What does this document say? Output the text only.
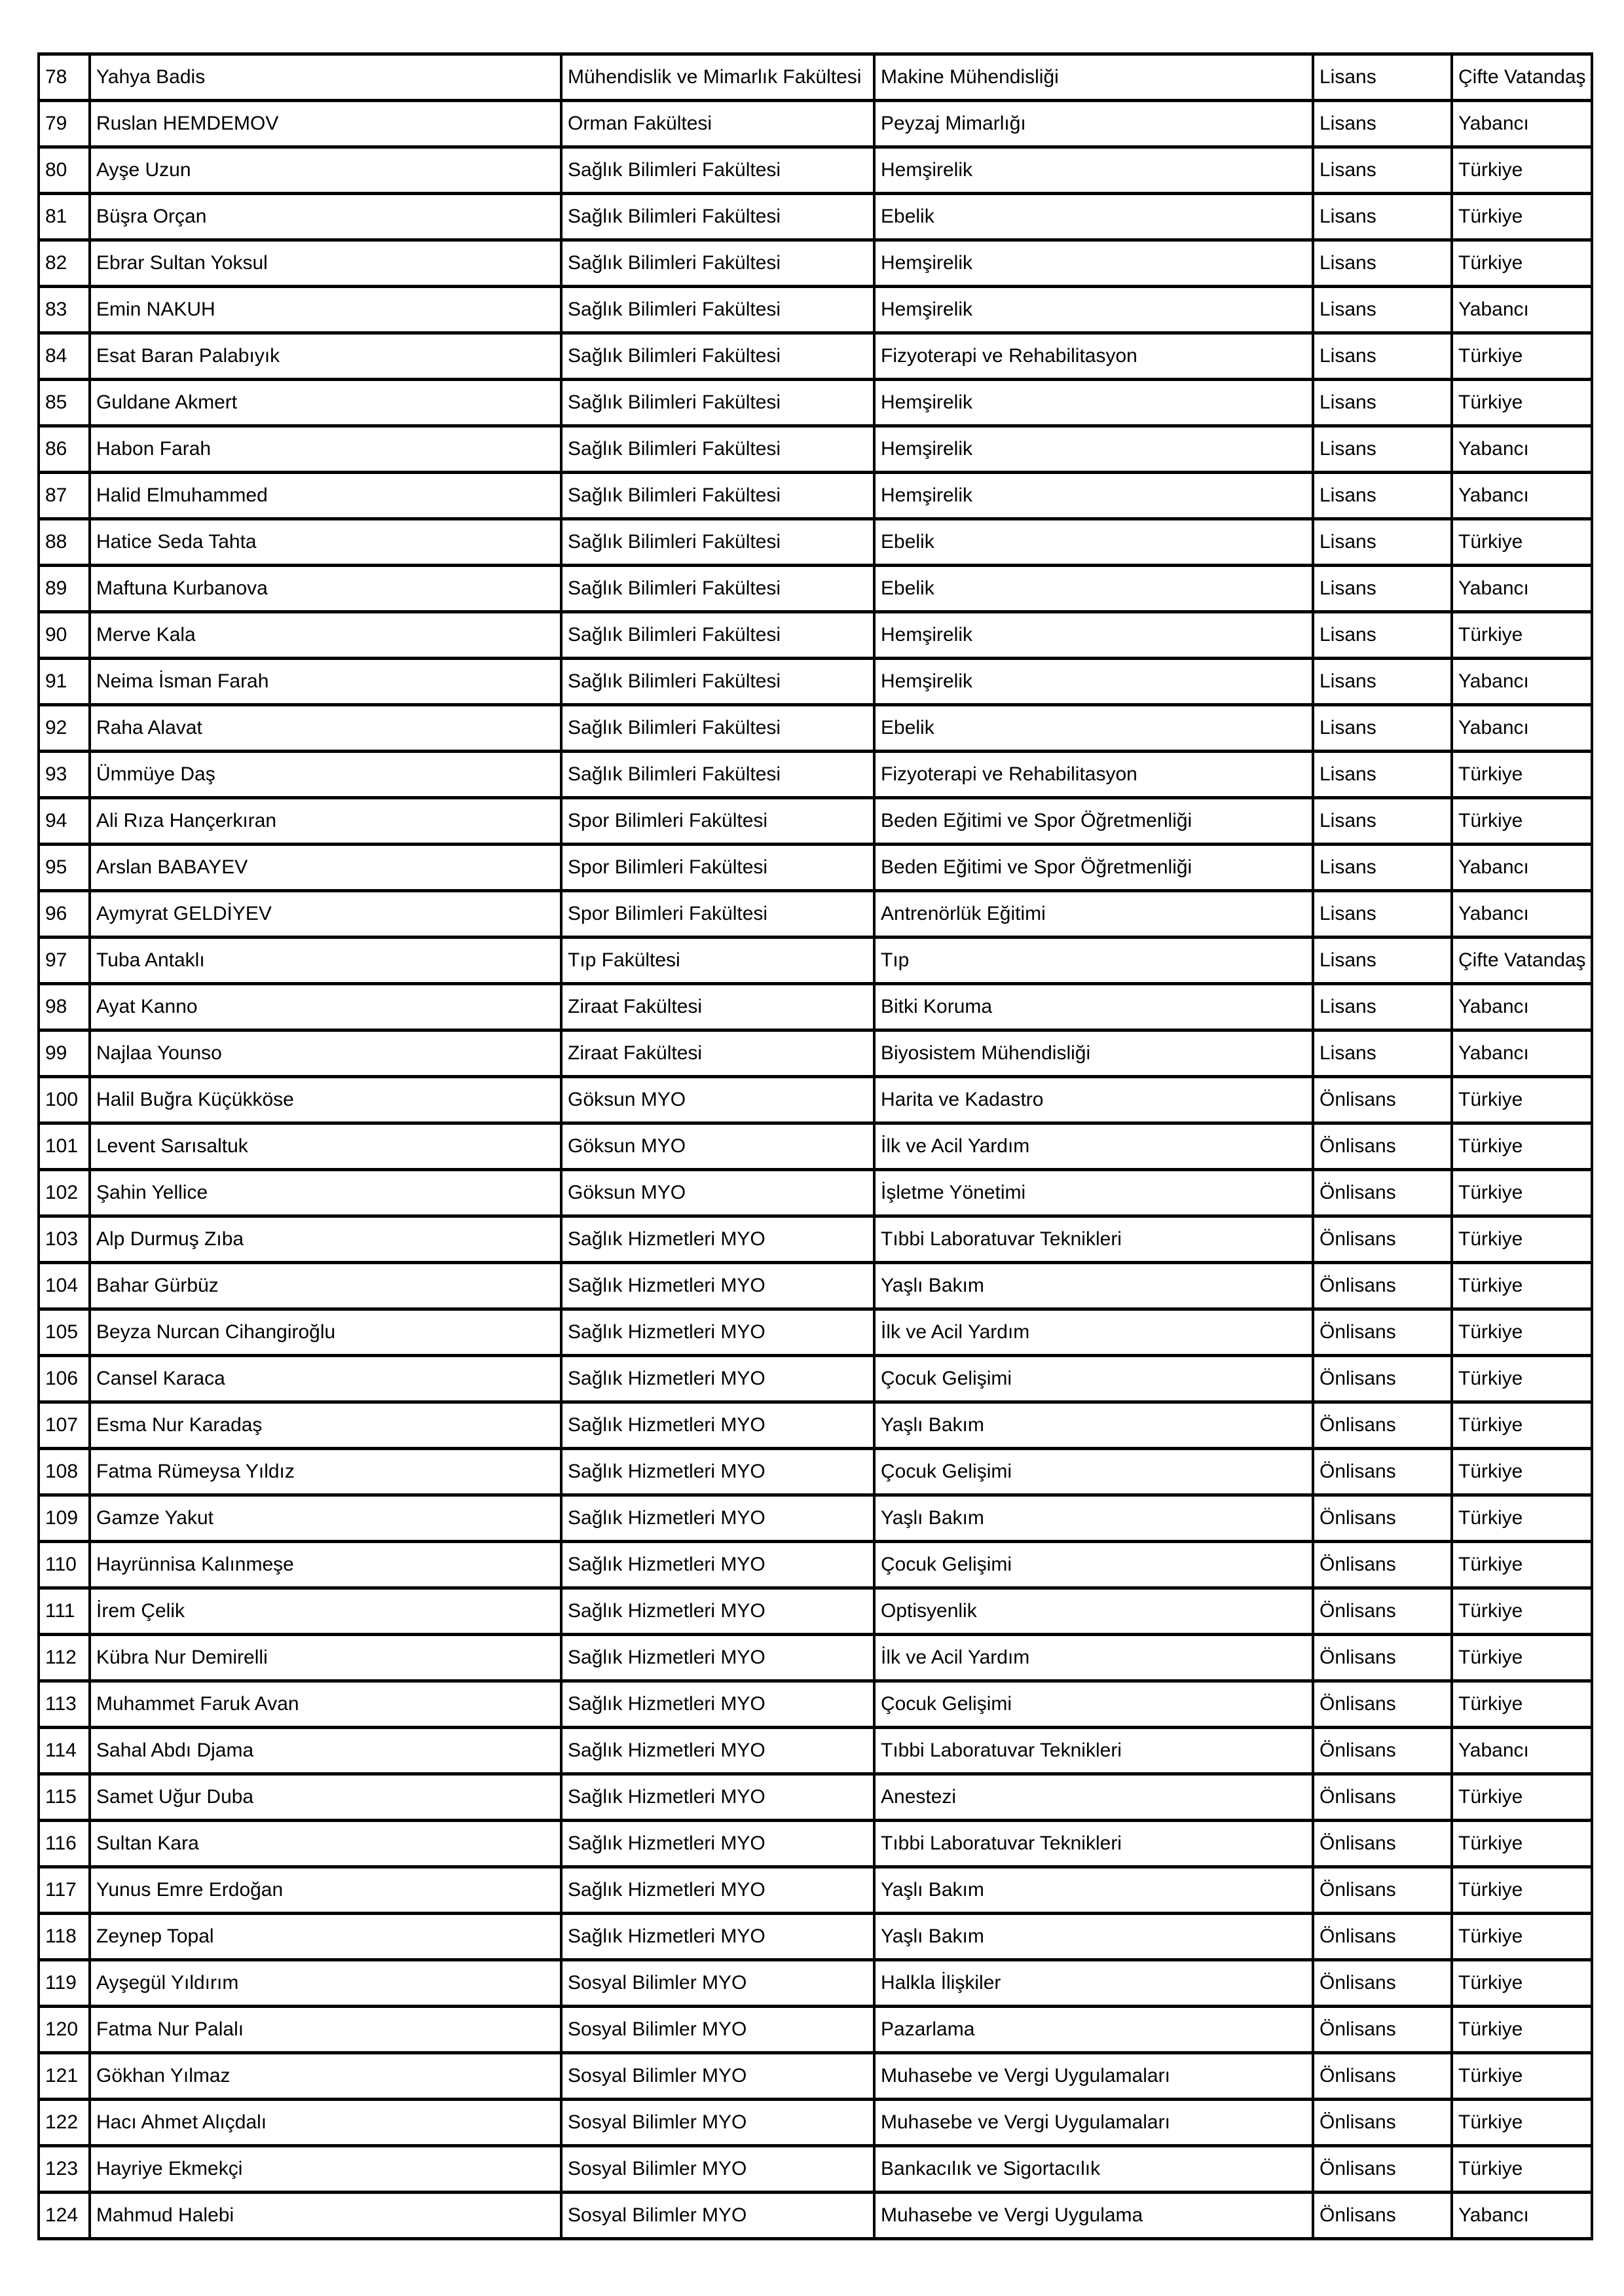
78	Yahya Badis	Mühendislik ve Mimarlık Fakültesi	Makine Mühendisliği	Lisans	Çifte Vatandaş
79	Ruslan HEMDEMOV	Orman Fakültesi	Peyzaj Mimarlığı	Lisans	Yabancı
80	Ayşe Uzun	Sağlık Bilimleri Fakültesi	Hemşirelik	Lisans	Türkiye
81	Büşra Orçan	Sağlık Bilimleri Fakültesi	Ebelik	Lisans	Türkiye
82	Ebrar Sultan Yoksul	Sağlık Bilimleri Fakültesi	Hemşirelik	Lisans	Türkiye
83	Emin NAKUH	Sağlık Bilimleri Fakültesi	Hemşirelik	Lisans	Yabancı
84	Esat Baran Palabıyık	Sağlık Bilimleri Fakültesi	Fizyoterapi ve Rehabilitasyon	Lisans	Türkiye
85	Guldane Akmert	Sağlık Bilimleri Fakültesi	Hemşirelik	Lisans	Türkiye
86	Habon Farah	Sağlık Bilimleri Fakültesi	Hemşirelik	Lisans	Yabancı
87	Halid Elmuhammed	Sağlık Bilimleri Fakültesi	Hemşirelik	Lisans	Yabancı
88	Hatice Seda Tahta	Sağlık Bilimleri Fakültesi	Ebelik	Lisans	Türkiye
89	Maftuna Kurbanova	Sağlık Bilimleri Fakültesi	Ebelik	Lisans	Yabancı
90	Merve Kala	Sağlık Bilimleri Fakültesi	Hemşirelik	Lisans	Türkiye
91	Neima İsman Farah	Sağlık Bilimleri Fakültesi	Hemşirelik	Lisans	Yabancı
92	Raha Alavat	Sağlık Bilimleri Fakültesi	Ebelik	Lisans	Yabancı
93	Ümmüye Daş	Sağlık Bilimleri Fakültesi	Fizyoterapi ve Rehabilitasyon	Lisans	Türkiye
94	Ali Rıza Hançerkıran	Spor Bilimleri Fakültesi	Beden Eğitimi ve Spor Öğretmenliği	Lisans	Türkiye
95	Arslan BABAYEV	Spor Bilimleri Fakültesi	Beden Eğitimi ve Spor Öğretmenliği	Lisans	Yabancı
96	Aymyrat GELDİYEV	Spor Bilimleri Fakültesi	Antrenörlük Eğitimi	Lisans	Yabancı
97	Tuba Antaklı	Tıp Fakültesi	Tıp	Lisans	Çifte Vatandaş
98	Ayat Kanno	Ziraat Fakültesi	Bitki Koruma	Lisans	Yabancı
99	Najlaa Younso	Ziraat Fakültesi	Biyosistem Mühendisliği	Lisans	Yabancı
100	Halil Buğra Küçükköse	Göksun MYO	Harita ve Kadastro	Önlisans	Türkiye
101	Levent Sarısaltuk	Göksun MYO	İlk ve Acil Yardım	Önlisans	Türkiye
102	Şahin Yellice	Göksun MYO	İşletme Yönetimi	Önlisans	Türkiye
103	Alp Durmuş Zıba	Sağlık Hizmetleri MYO	Tıbbi Laboratuvar Teknikleri	Önlisans	Türkiye
104	Bahar Gürbüz	Sağlık Hizmetleri MYO	Yaşlı Bakım	Önlisans	Türkiye
105	Beyza Nurcan Cihangiroğlu	Sağlık Hizmetleri MYO	İlk ve Acil Yardım	Önlisans	Türkiye
106	Cansel Karaca	Sağlık Hizmetleri MYO	Çocuk Gelişimi	Önlisans	Türkiye
107	Esma Nur Karadaş	Sağlık Hizmetleri MYO	Yaşlı Bakım	Önlisans	Türkiye
108	Fatma Rümeysa Yıldız	Sağlık Hizmetleri MYO	Çocuk Gelişimi	Önlisans	Türkiye
109	Gamze Yakut	Sağlık Hizmetleri MYO	Yaşlı Bakım	Önlisans	Türkiye
110	Hayrünnisa Kalınmeşe	Sağlık Hizmetleri MYO	Çocuk Gelişimi	Önlisans	Türkiye
111	İrem Çelik	Sağlık Hizmetleri MYO	Optisyenlik	Önlisans	Türkiye
112	Kübra Nur Demirelli	Sağlık Hizmetleri MYO	İlk ve Acil Yardım	Önlisans	Türkiye
113	Muhammet Faruk Avan	Sağlık Hizmetleri MYO	Çocuk Gelişimi	Önlisans	Türkiye
114	Sahal Abdı Djama	Sağlık Hizmetleri MYO	Tıbbi Laboratuvar Teknikleri	Önlisans	Yabancı
115	Samet Uğur Duba	Sağlık Hizmetleri MYO	Anestezi	Önlisans	Türkiye
116	Sultan Kara	Sağlık Hizmetleri MYO	Tıbbi Laboratuvar Teknikleri	Önlisans	Türkiye
117	Yunus Emre Erdoğan	Sağlık Hizmetleri MYO	Yaşlı Bakım	Önlisans	Türkiye
118	Zeynep Topal	Sağlık Hizmetleri MYO	Yaşlı Bakım	Önlisans	Türkiye
119	Ayşegül Yıldırım	Sosyal Bilimler MYO	Halkla İlişkiler	Önlisans	Türkiye
120	Fatma Nur Palalı	Sosyal Bilimler MYO	Pazarlama	Önlisans	Türkiye
121	Gökhan Yılmaz	Sosyal Bilimler MYO	Muhasebe ve Vergi Uygulamaları	Önlisans	Türkiye
122	Hacı Ahmet Alıçdalı	Sosyal Bilimler MYO	Muhasebe ve Vergi Uygulamaları	Önlisans	Türkiye
123	Hayriye Ekmekçi	Sosyal Bilimler MYO	Bankacılık ve Sigortacılık	Önlisans	Türkiye
124	Mahmud Halebi	Sosyal Bilimler MYO	Muhasebe ve Vergi Uygulama	Önlisans	Yabancı
